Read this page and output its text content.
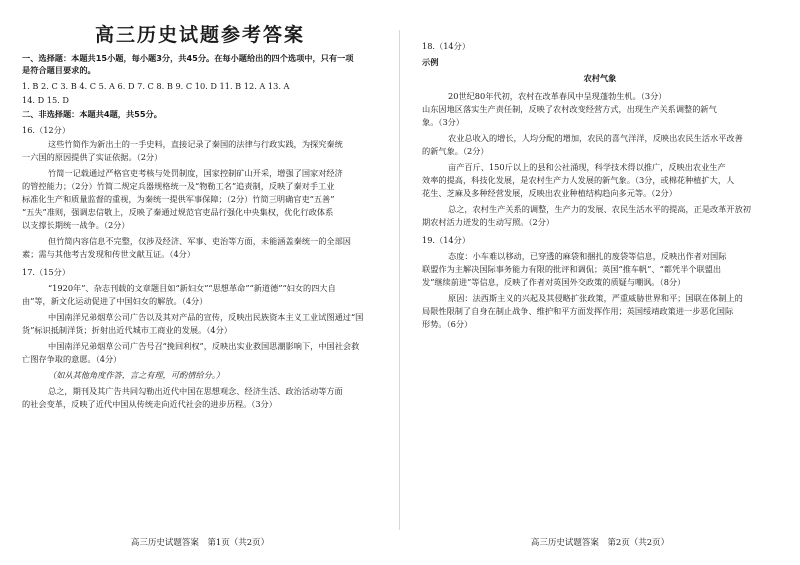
高三历史试题参考答案
一、选择题：本题共15小题，每小题3分，共45分。在每小题给出的四个选项中，只有一项
是符合题目要求的。
1. B 2. C 3. B 4. C 5. A 6. D 7. C 8. B 9. C 10. D 11. B 12. A 13. A
14. D 15. D
二、非选择题：本题共4题，共55分。
16.（12分）
这些竹简作为新出土的一手史料，直接记录了秦国的法律与行政实践，为探究秦统
一六国的原因提供了实证依据。（2分）
竹简一记载通过严格官吏考核与处罚制度，国家控制矿山开采，增强了国家对经济
的管控能力；（2分）竹简二规定兵器规格统一及“物勒工名”追责制，反映了秦对手工业
标准化生产和质量监督的重视，为秦统一提供军事保障；（2分）竹简三明确官吏“五善”
“五失”准则，强调忠信敬上，反映了秦通过规范官吏品行强化中央集权，优化行政体系
以支撑长期统一战争。（2分）
但竹简内容信息不完整，仅涉及经济、军事、吏治等方面，未能涵盖秦统一的全部因
素；需与其他考古发现和传世文献互证。（4分）
17.（15分）
“1920年”、杂志刊载的文章题目如“新妇女”“思想革命”“新道德”“妇女的四大自
由”等，新文化运动促进了中国妇女的解放。（4分）
中国南洋兄弟烟草公司广告以及其对产品的宣传，反映出民族资本主义工业试图通过“国
货”标识抵制洋货；折射出近代城市工商业的发展。（4分）
中国南洋兄弟烟草公司广告号召“挽回利权”，反映出实业救国思潮影响下，中国社会救
亡图存争取的意愿。（4分）
（如从其他角度作答，言之有理，可酌情给分。）
总之，期刊及其广告共同勾勒出近代中国在思想观念、经济生活、政治活动等方面
的社会变革，反映了近代中国从传统走向近代社会的进步历程。（3分）
高三历史试题答案　第1页（共2页）
18.（14分）
示例
农村气象
20世纪80年代初，农村在改革春风中呈现蓬勃生机。（3分）
山东因地区落实生产责任制，反映了农村改变经营方式，出现生产关系调整的新气
象。（3分）
农业总收入的增长，人均分配的增加，农民的喜气洋洋，反映出农民生活水平改善
的新气象。（2分）
亩产百斤、150斤以上的县和公社涌现，科学技术得以推广，反映出农业生产
效率的提高，科技化发展，是农村生产力人发展的新气象。（3分，或棉花种植扩大，人
花生、芝麻及多种经营发展，反映出农业种植结构趋向多元等。（2分）
总之，农村生产关系的调整，生产力的发展、农民生活水平的提高，正是改革开放初
期农村活力迸发的生动写照。（2分）
19.（14分）
态度：小车难以移动，已穿透的麻袋和捆扎的废袋等信息，反映出作者对国际
联盟作为主解决国际事务能力有限的批评和调侃；英国“推车帆”、“都凭半个联盟出
发”继续前进”等信息，反映了作者对英国外交政策的质疑与嘲讽。（8分）
原因：法西斯主义的兴起及其侵略扩张政策，严重威胁世界和平；国联在体制上的
局限性限制了自身在制止战争、维护和平方面发挥作用；英国绥靖政策进一步恶化国际
形势。（6分）
高三历史试题答案　第2页（共2页）
